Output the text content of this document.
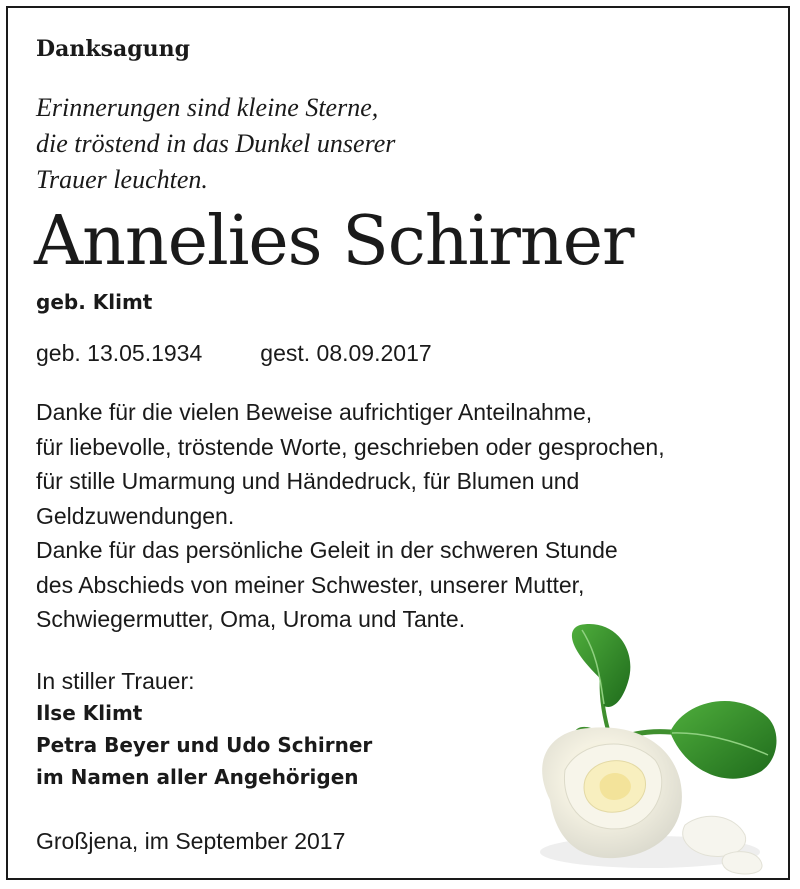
Danksagung
Erinnerungen sind kleine Sterne,
die tröstend in das Dunkel unserer
Trauer leuchten.
Annelies Schirner
geb. Klimt
geb. 13.05.1934	gest. 08.09.2017
Danke für die vielen Beweise aufrichtiger Anteilnahme,
für liebevolle, tröstende Worte, geschrieben oder gesprochen,
für stille Umarmung und Händedruck, für Blumen und
Geldzuwendungen.
Danke für das persönliche Geleit in der schweren Stunde
des Abschieds von meiner Schwester, unserer Mutter,
Schwiegermutter, Oma, Uroma und Tante.
In stiller Trauer:
Ilse Klimt
Petra Beyer und Udo Schirner
im Namen aller Angehörigen
Großjena, im September 2017
